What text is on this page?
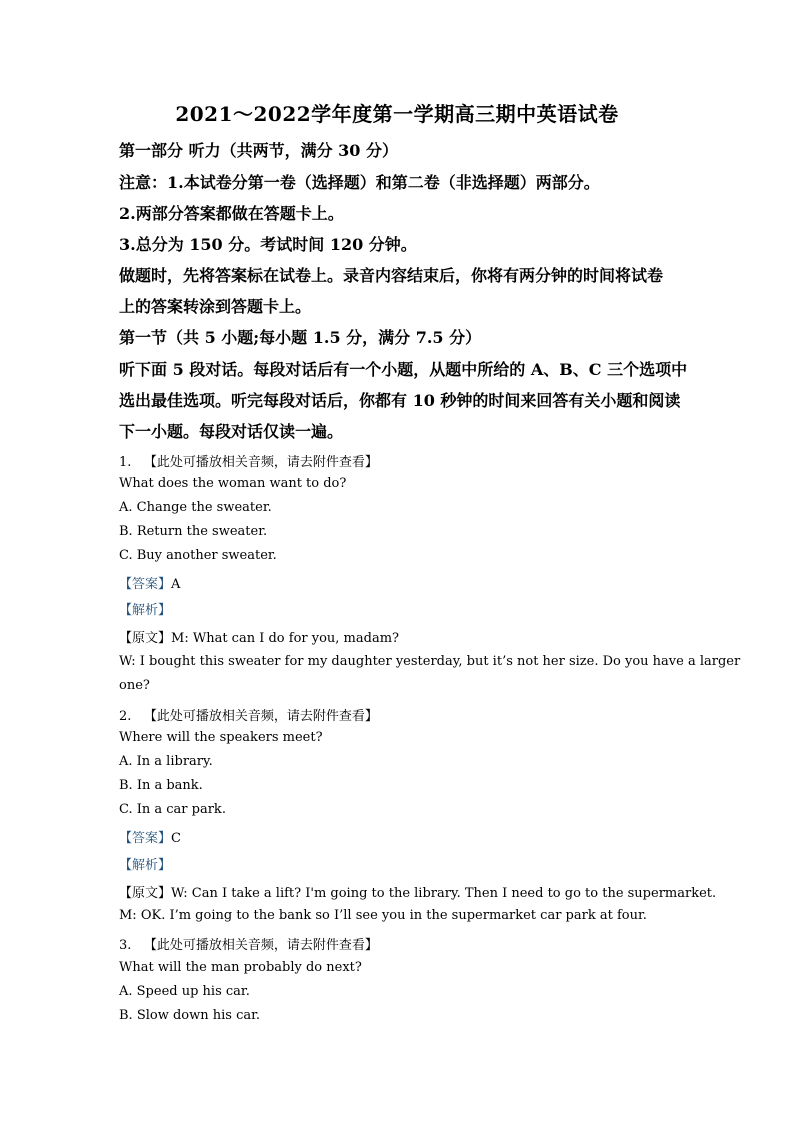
2021～2022学年度第一学期高三期中英语试卷
第一部分 听力（共两节，满分 30 分）
注意：1.本试卷分第一卷（选择题）和第二卷（非选择题）两部分。
2.两部分答案都做在答题卡上。
3.总分为 150 分。考试时间 120 分钟。
做题时，先将答案标在试卷上。录音内容结束后，你将有两分钟的时间将试卷
上的答案转涂到答题卡上。
第一节（共 5 小题;每小题 1.5 分，满分 7.5 分）
听下面 5 段对话。每段对话后有一个小题，从题中所给的 A、B、C 三个选项中
选出最佳选项。听完每段对话后，你都有 10 秒钟的时间来回答有关小题和阅读
下一小题。每段对话仅读一遍。
1. 【此处可播放相关音频，请去附件查看】
What does the woman want to do?
A. Change the sweater.
B. Return the sweater.
C. Buy another sweater.
【答案】A
【解析】
【原文】M: What can I do for you, madam?
W: I bought this sweater for my daughter yesterday, but it’s not her size. Do you have a larger
one?
2. 【此处可播放相关音频，请去附件查看】
Where will the speakers meet?
A. In a library.
B. In a bank.
C. In a car park.
【答案】C
【解析】
【原文】W: Can I take a lift? I'm going to the library. Then I need to go to the supermarket.
M: OK. I’m going to the bank so I’ll see you in the supermarket car park at four.
3. 【此处可播放相关音频，请去附件查看】
What will the man probably do next?
A. Speed up his car.
B. Slow down his car.
